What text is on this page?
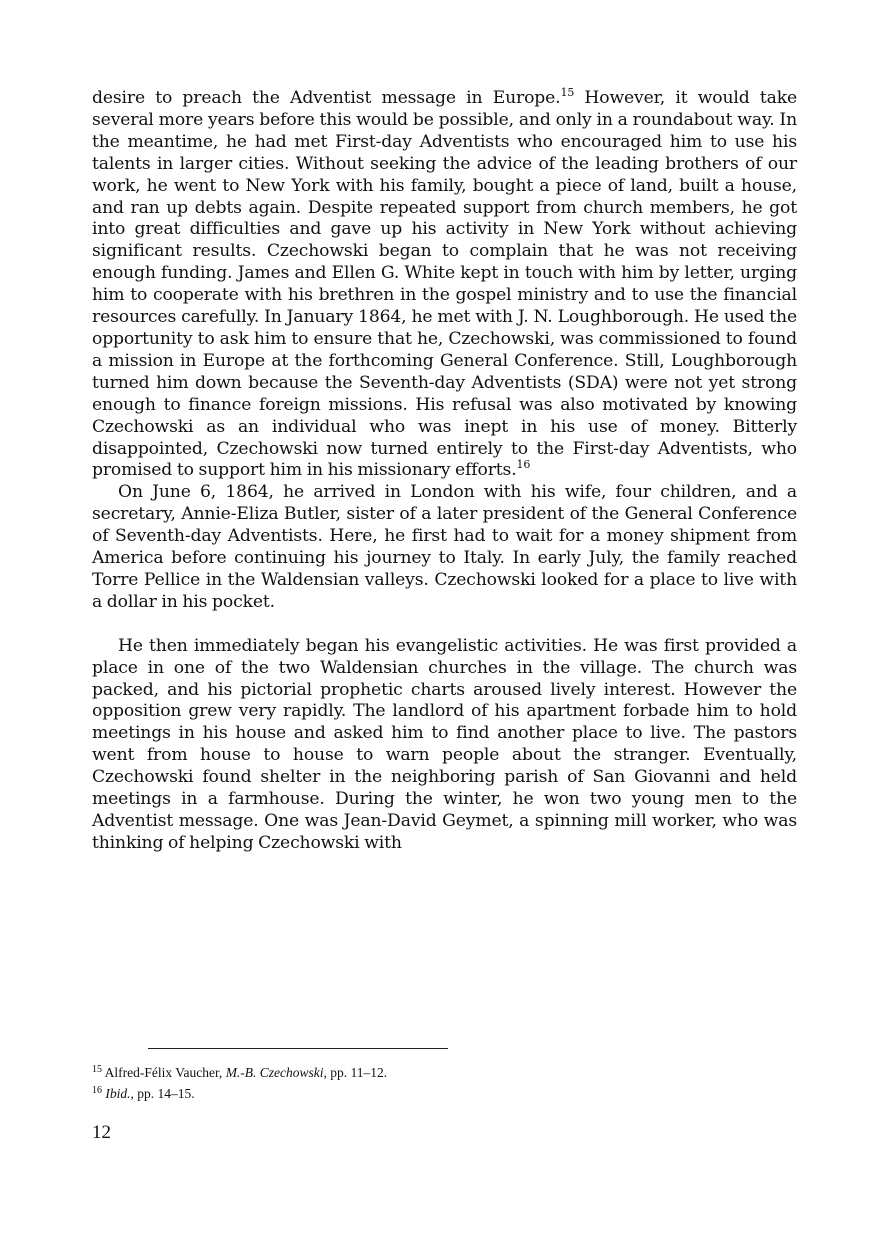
desire to preach the Adventist message in Europe.$^{15}$ However, it would take several more years before this would be possible, and only in a roundabout way. In the meantime, he had met First-day Adventists who encouraged him to use his talents in larger cities. Without seeking the advice of the leading brothers of our work, he went to New York with his family, bought a piece of land, built a house, and ran up debts again. Despite repeated support from church members, he got into great difficulties and gave up his activity in New York without achieving significant results. Czechowski began to complain that he was not receiving enough funding. James and Ellen G. White kept in touch with him by letter, urging him to cooperate with his brethren in the gospel ministry and to use the financial resources carefully. In January 1864, he met with J. N. Loughborough. He used the opportunity to ask him to ensure that he, Czechowski, was commissioned to found a mission in Europe at the forthcoming General Conference. Still, Loughborough turned him down because the Seventh-day Adventists (SDA) were not yet strong enough to finance foreign missions. His refusal was also motivated by knowing Czechowski as an individual who was inept in his use of money. Bitterly disappointed, Czechowski now turned entirely to the First-day Adventists, who promised to support him in his missionary efforts.$^{16}$

On June 6, 1864, he arrived in London with his wife, four children, and a secretary, Annie-Eliza Butler, sister of a later president of the General Conference of Seventh-day Adventists. Here, he first had to wait for a money shipment from America before continuing his journey to Italy. In early July, the family reached Torre Pellice in the Waldensian valleys. Czechowski looked for a place to live with a dollar in his pocket.

He then immediately began his evangelistic activities. He was first provided a place in one of the two Waldensian churches in the village. The church was packed, and his pictorial prophetic charts aroused lively interest. However the opposition grew very rapidly. The landlord of his apartment forbade him to hold meetings in his house and asked him to find another place to live. The pastors went from house to house to warn people about the stranger. Eventually, Czechowski found shelter in the neighboring parish of San Giovanni and held meetings in a farmhouse. During the winter, he won two young men to the Adventist message. One was Jean-David Geymet, a spinning mill worker, who was thinking of helping Czechowski with

$^{15}$ Alfred-Félix Vaucher, M.-B. Czechowski, pp. 11–12.
$^{16}$ Ibid., pp. 14–15.
12
